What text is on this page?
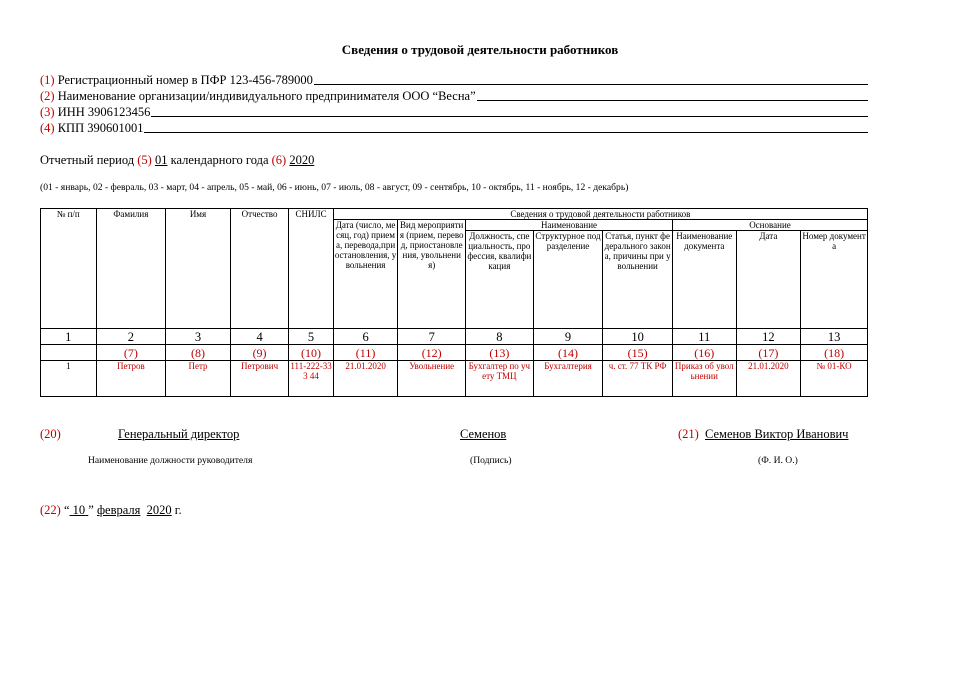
Сведения о трудовой деятельности работников
(1)
Регистрационный номер в ПФР 123-456-789000
(2)
Наименование организации/индивидуального предпринимателя ООО “Весна”
(3)
ИНН 3906123456
(4)
КПП 390601001
Отчетный период (5) 01 календарного года (6) 2020
(01 - январь, 02 - февраль, 03 - март, 04 - апрель, 05 - май, 06 - июнь, 07 - июль, 08 - август, 09 - сентябрь, 10 - октябрь, 11 - ноябрь, 12 - декабрь)
№ п/п	Фамилия	Имя	Отчество	СНИЛС	Сведения о трудовой деятельности работников							
					Дата (число, месяц, год) приема, перевода,приостановления, увольнения	Вид мероприятия (прием, перевод, приостановления, увольнения)	Наименование			Основание		
							Должность, специальность, профессия, квалификация	Структурное подразделение	Статья, пункт федерального закона, причины при увольнении	Наименование документа	Дата	Номер документа
1	2	3	4	5	6	7	8	9	10	11	12	13
	(7)	(8)	(9)	(10)	(11)	(12)	(13)	(14)	(15)	(16)	(17)	(18)
1	Петров	Петр	Петрович	111-222-333 44	21.01.2020	Увольнение	Бухгалтер по учету ТМЦ	Бухгалтерия	ч. ст. 77 ТК РФ	Приказ об увольнении	21.01.2020	№ 01-КО
(20)	Генеральный директор	Семенов	(21) Семенов Виктор Иванович
Наименование должности руководителя	(Подпись)	(Ф. И. О.)
(22) “ 10 ” февраля 2020 г.
